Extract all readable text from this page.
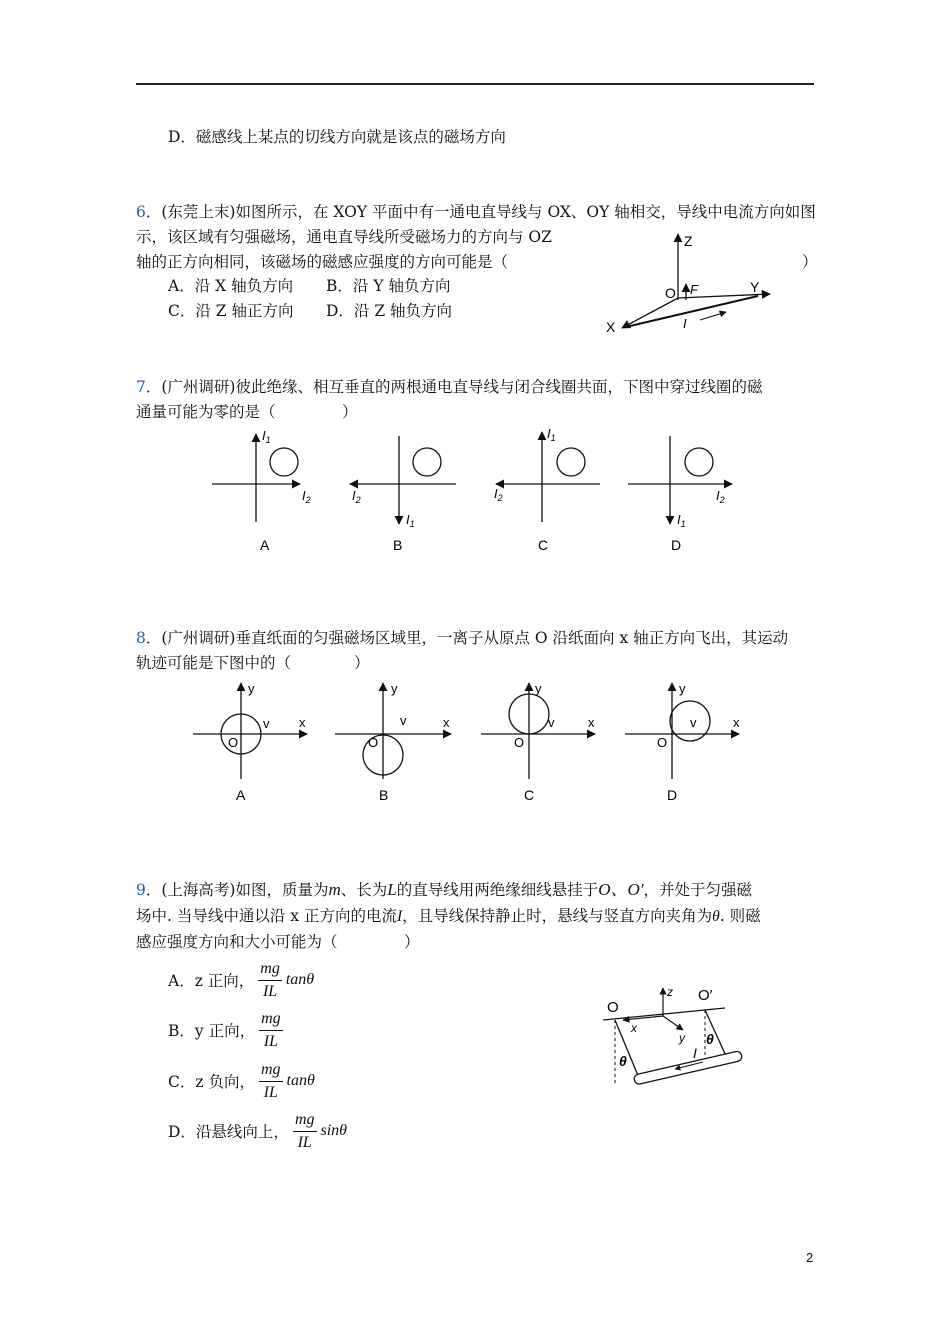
D．磁感线上某点的切线方向就是该点的磁场方向
6．(东莞上末)如图所示，在 XOY 平面中有一通电直导线与 OX、OY 轴相交，导线中电流方向如图
示，该区域有匀强磁场，通电直导线所受磁场力的方向与 OZ
轴的正方向相同，该磁场的磁感应强度的方向可能是（	）
A．沿 X 轴负方向 B．沿 Y 轴负方向
C．沿 Z 轴正方向 D．沿 Z 轴负方向
Z
O F	Y
X	I
7．(广州调研)彼此绝缘、相互垂直的两根通电直导线与闭合线圈共面，下图中穿过线圈的磁
通量可能为零的是（	）
$I_1$
$I_2$
A
$I_1$
$I_2$
B
$I_1$
$I_2$
C
$I_1$
$I_2$
D
8．(广州调研)垂直纸面的匀强磁场区域里，一离子从原点 O 沿纸面向 x 轴正方向飞出，其运动
轨迹可能是下图中的（	）
y
x
v
O
A
y
x
v
O
B
y
x
v
O
C
y
x
v
O
D
9．(上海高考)如图，质量为m、长为L的直导线用两绝缘细线悬挂于O、O′，并处于匀强磁
场中. 当导线中通以沿 x 正方向的电流I，且导线保持静止时，悬线与竖直方向夹角为θ. 则磁
感应强度方向和大小可能为（	）
A．z 正向， $\frac{mg}{IL}$ tanθ
B．y 正向， $\frac{mg}{IL}$
C．z 负向， $\frac{mg}{IL}$ tanθ
D．沿悬线向上， $\frac{mg}{IL}$ sinθ
O
O′
z
x
y
θ
θ
I
2
